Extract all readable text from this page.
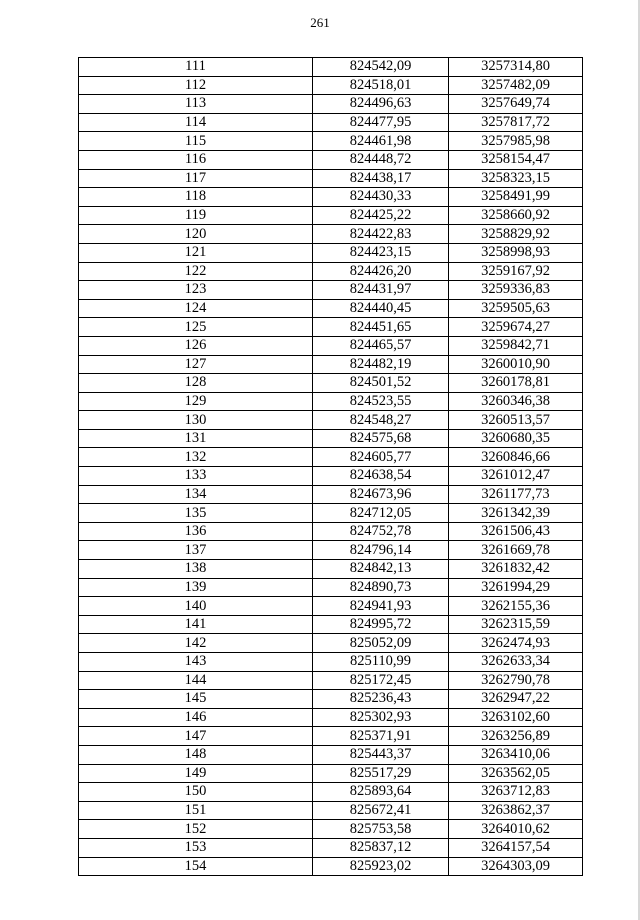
261
111	824542,09	3257314,80
112	824518,01	3257482,09
113	824496,63	3257649,74
114	824477,95	3257817,72
115	824461,98	3257985,98
116	824448,72	3258154,47
117	824438,17	3258323,15
118	824430,33	3258491,99
119	824425,22	3258660,92
120	824422,83	3258829,92
121	824423,15	3258998,93
122	824426,20	3259167,92
123	824431,97	3259336,83
124	824440,45	3259505,63
125	824451,65	3259674,27
126	824465,57	3259842,71
127	824482,19	3260010,90
128	824501,52	3260178,81
129	824523,55	3260346,38
130	824548,27	3260513,57
131	824575,68	3260680,35
132	824605,77	3260846,66
133	824638,54	3261012,47
134	824673,96	3261177,73
135	824712,05	3261342,39
136	824752,78	3261506,43
137	824796,14	3261669,78
138	824842,13	3261832,42
139	824890,73	3261994,29
140	824941,93	3262155,36
141	824995,72	3262315,59
142	825052,09	3262474,93
143	825110,99	3262633,34
144	825172,45	3262790,78
145	825236,43	3262947,22
146	825302,93	3263102,60
147	825371,91	3263256,89
148	825443,37	3263410,06
149	825517,29	3263562,05
150	825893,64	3263712,83
151	825672,41	3263862,37
152	825753,58	3264010,62
153	825837,12	3264157,54
154	825923,02	3264303,09
